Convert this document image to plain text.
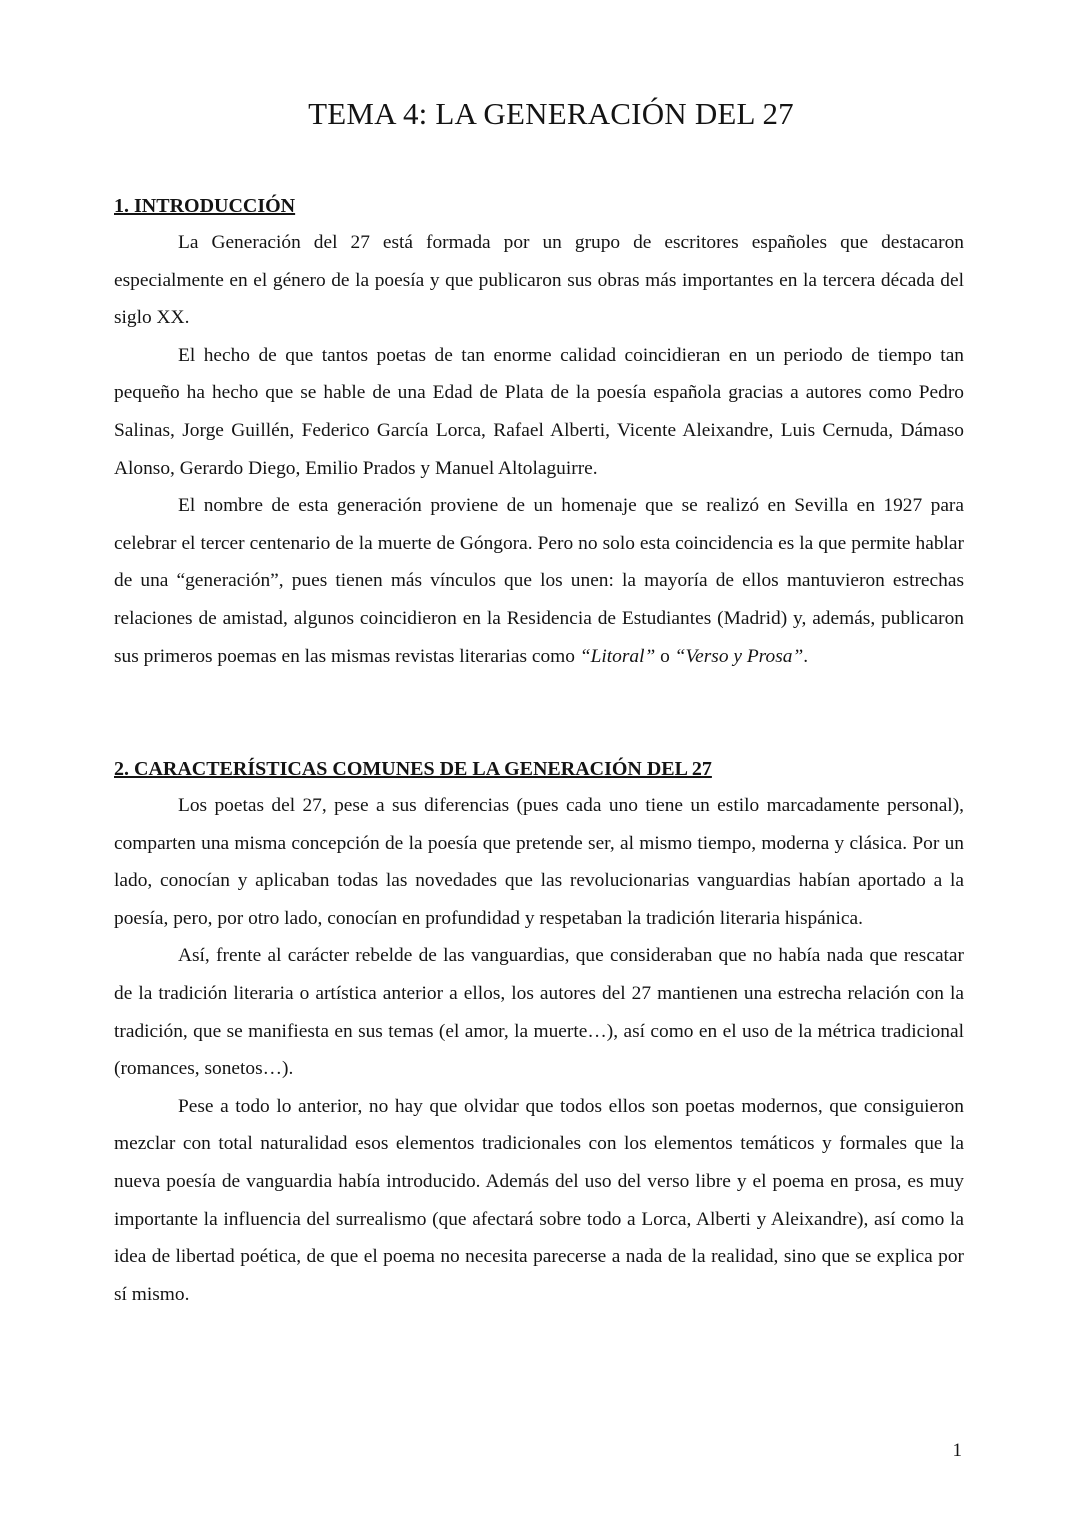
TEMA 4: LA GENERACIÓN DEL 27
1. INTRODUCCIÓN

La Generación del 27 está formada por un grupo de escritores españoles que destacaron especialmente en el género de la poesía y que publicaron sus obras más importantes en la tercera década del siglo XX.

El hecho de que tantos poetas de tan enorme calidad coincidieran en un periodo de tiempo tan pequeño ha hecho que se hable de una Edad de Plata de la poesía española gracias a autores como Pedro Salinas, Jorge Guillén, Federico García Lorca, Rafael Alberti, Vicente Aleixandre, Luis Cernuda, Dámaso Alonso, Gerardo Diego, Emilio Prados y Manuel Altolaguirre.

El nombre de esta generación proviene de un homenaje que se realizó en Sevilla en 1927 para celebrar el tercer centenario de la muerte de Góngora. Pero no solo esta coincidencia es la que permite hablar de una “generación”, pues tienen más vínculos que los unen: la mayoría de ellos mantuvieron estrechas relaciones de amistad, algunos coincidieron en la Residencia de Estudiantes (Madrid) y, además, publicaron sus primeros poemas en las mismas revistas literarias como “Litoral” o “Verso y Prosa”.

2. CARACTERÍSTICAS COMUNES DE LA GENERACIÓN DEL 27

Los poetas del 27, pese a sus diferencias (pues cada uno tiene un estilo marcadamente personal), comparten una misma concepción de la poesía que pretende ser, al mismo tiempo, moderna y clásica. Por un lado, conocían y aplicaban todas las novedades que las revolucionarias vanguardias habían aportado a la poesía, pero, por otro lado, conocían en profundidad y respetaban la tradición literaria hispánica.

Así, frente al carácter rebelde de las vanguardias, que consideraban que no había nada que rescatar de la tradición literaria o artística anterior a ellos, los autores del 27 mantienen una estrecha relación con la tradición, que se manifiesta en sus temas (el amor, la muerte…), así como en el uso de la métrica tradicional (romances, sonetos…).

Pese a todo lo anterior, no hay que olvidar que todos ellos son poetas modernos, que consiguieron mezclar con total naturalidad esos elementos tradicionales con los elementos temáticos y formales que la nueva poesía de vanguardia había introducido. Además del uso del verso libre y el poema en prosa, es muy importante la influencia del surrealismo (que afectará sobre todo a Lorca, Alberti y Aleixandre), así como la idea de libertad poética, de que el poema no necesita parecerse a nada de la realidad, sino que se explica por sí mismo.

1
